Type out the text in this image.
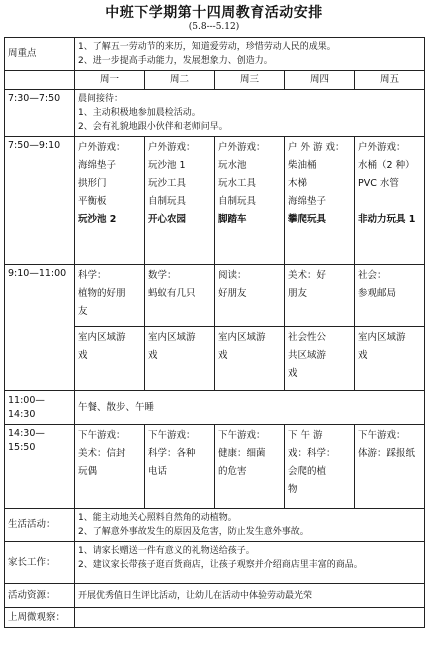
中班下学期第十四周教育活动安排
(5.8---5.12)
周重点	1、了解五一劳动节的来历，知道爱劳动，珍惜劳动人民的成果。
2、进一步提高手动能力，发展想象力、创造力。				

	周一	周二	周三	周四	周五
7:30—7:50	晨间接待：
1、主动积极地参加晨检活动。
2、会有礼貌地跟小伙伴和老师问早。				

7:50—9:10	户外游戏：
海绵垫子
拱形门
平衡板
玩沙池 2	户外游戏：
玩沙池 1
玩沙工具
自制玩具
开心农园	户外游戏：
玩水池
玩水工具
自制玩具
脚踏车	户 外 游 戏：
柴油桶
木梯
海绵垫子
攀爬玩具	户外游戏：
水桶（2 种）
PVC 水管
非动力玩具 1

9:10—11:00	科学：
植物的好朋
友	数学：
蚂蚁有几只	阅读：
好朋友	美术：好
朋友	社会：
参观邮局

	室内区域游
戏	室内区域游
戏	室内区域游
戏	社会性公
共区域游
戏	室内区域游
戏

11:00—14:30	午餐、散步、午睡				
14:30—15:50	下午游戏：
美术：信封
玩偶	下午游戏：
科学：各种
电话	下午游戏：
健康：细菌
的危害	下 午 游
戏：科学：
会爬的植
物	下午游戏：
体游：踩报纸

生活活动：	1、能主动地关心照料自然角的动植物。
2、了解意外事故发生的原因及危害，防止发生意外事故。				

家长工作：	1、请家长赠送一件有意义的礼物送给孩子。
2、建议家长带孩子逛百货商店，让孩子观察并介绍商店里丰富的商品。				

活动资源：	开展优秀值日生评比活动，让幼儿在活动中体验劳动最光荣				
上周微观察：					
